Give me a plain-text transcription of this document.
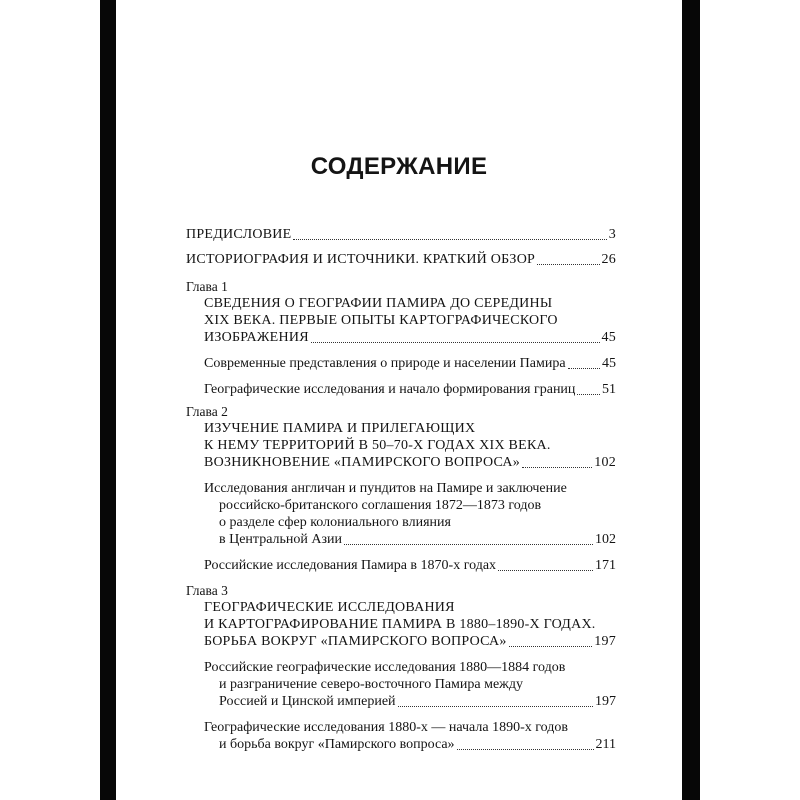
СОДЕРЖАНИЕ
ПРЕДИСЛОВИЕ	3
ИСТОРИОГРАФИЯ И ИСТОЧНИКИ. КРАТКИЙ ОБЗОР	26
Глава 1
СВЕДЕНИЯ О ГЕОГРАФИИ ПАМИРА ДО СЕРЕДИНЫ
XIX ВЕКА. ПЕРВЫЕ ОПЫТЫ КАРТОГРАФИЧЕСКОГО
ИЗОБРАЖЕНИЯ	45
Современные представления о природе и населении Памира	45
Географические исследования и начало формирования границ 51
Глава 2
ИЗУЧЕНИЕ ПАМИРА И ПРИЛЕГАЮЩИХ
К НЕМУ ТЕРРИТОРИЙ В 50–70-Х ГОДАХ XIX ВЕКА.
ВОЗНИКНОВЕНИЕ «ПАМИРСКОГО ВОПРОСА»	102
Исследования англичан и пундитов на Памире и заключение
российско-британского соглашения 1872—1873 годов
о разделе сфер колониального влияния
в Центральной Азии	102
Российские исследования Памира в 1870-х годах	171
Глава 3
ГЕОГРАФИЧЕСКИЕ ИССЛЕДОВАНИЯ
И КАРТОГРАФИРОВАНИЕ ПАМИРА В 1880–1890-Х ГОДАХ.
БОРЬБА ВОКРУГ «ПАМИРСКОГО ВОПРОСА»	197
Российские географические исследования 1880—1884 годов
и разграничение северо-восточного Памира между
Россией и Цинской империей	197
Географические исследования 1880-х — начала 1890-х годов
и борьба вокруг «Памирского вопроса»	211
